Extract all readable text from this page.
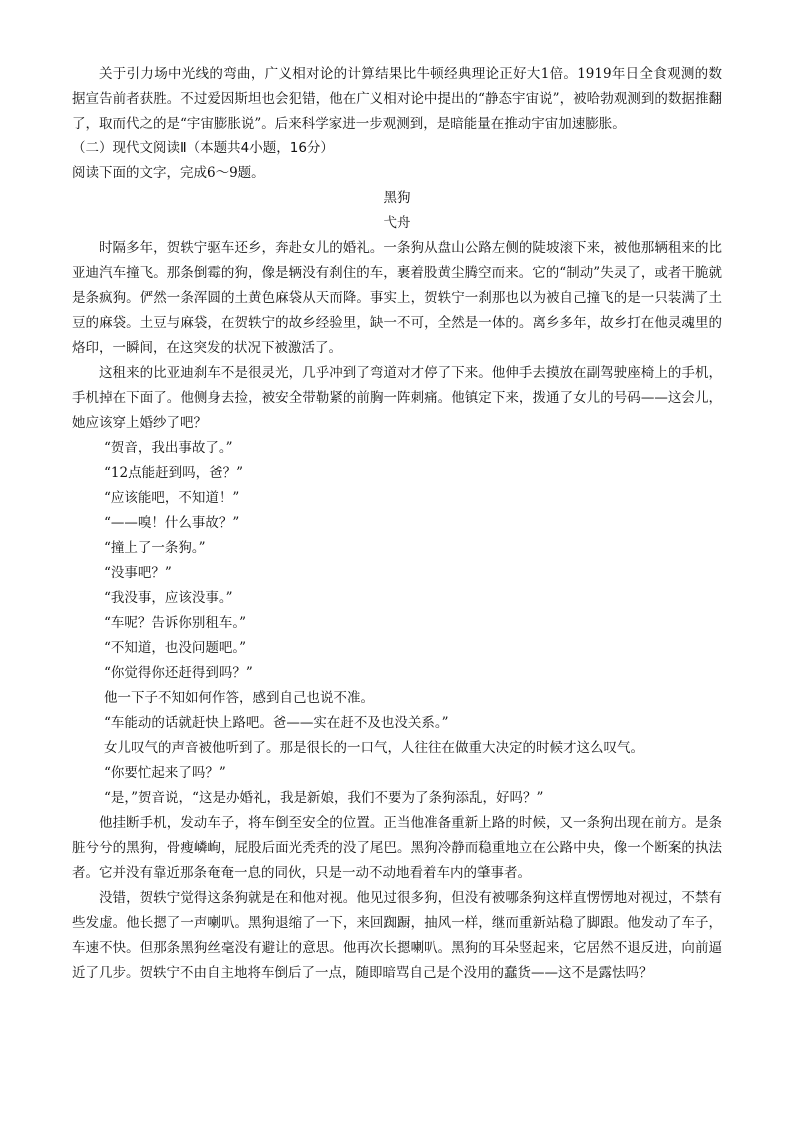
关于引力场中光线的弯曲，广义相对论的计算结果比牛顿经典理论正好大1倍。1919年日全食观测的数据宣告前者获胜。不过爱因斯坦也会犯错，他在广义相对论中提出的“静态宇宙说”，被哈勃观测到的数据推翻了，取而代之的是“宇宙膨胀说”。后来科学家进一步观测到，是暗能量在推动宇宙加速膨胀。
（二）现代文阅读Ⅱ（本题共4小题，16分）
阅读下面的文字，完成6～9题。
黑狗
弋舟
时隔多年，贺轶宁驱车还乡，奔赴女儿的婚礼。一条狗从盘山公路左侧的陡坡滚下来，被他那辆租来的比亚迪汽车撞飞。那条倒霉的狗，像是辆没有刹住的车，裹着股黄尘腾空而来。它的“制动”失灵了，或者干脆就是条疯狗。俨然一条浑圆的土黄色麻袋从天而降。事实上，贺轶宁一刹那也以为被自己撞飞的是一只装满了土豆的麻袋。土豆与麻袋，在贺轶宁的故乡经验里，缺一不可，全然是一体的。离乡多年，故乡打在他灵魂里的烙印，一瞬间，在这突发的状况下被激活了。
这租来的比亚迪刹车不是很灵光，几乎冲到了弯道对才停了下来。他伸手去摸放在副驾驶座椅上的手机，手机掉在下面了。他侧身去捡，被安全带勒紧的前胸一阵刺痛。他镇定下来，拨通了女儿的号码——这会儿，她应该穿上婚纱了吧？
“贺音，我出事故了。”
“12点能赶到吗，爸？”
“应该能吧，不知道！”
“——嗅！什么事故？”
“撞上了一条狗。”
“没事吧？”
“我没事，应该没事。”
“车呢？告诉你别租车。”
“不知道，也没问题吧。”
“你觉得你还赶得到吗？”
他一下子不知如何作答，感到自己也说不准。
“车能动的话就赶快上路吧。爸——实在赶不及也没关系。”
女儿叹气的声音被他听到了。那是很长的一口气，人往往在做重大决定的时候才这么叹气。
“你要忙起来了吗？”
“是，”贺音说，“这是办婚礼，我是新娘，我们不要为了条狗添乱，好吗？”
他挂断手机，发动车子，将车倒至安全的位置。正当他准备重新上路的时候，又一条狗出现在前方。是条脏兮兮的黑狗，骨瘦嶙峋，屁股后面光秃秃的没了尾巴。黑狗冷静而稳重地立在公路中央，像一个断案的执法者。它并没有靠近那条奄奄一息的同伙，只是一动不动地看着车内的肇事者。
没错，贺轶宁觉得这条狗就是在和他对视。他见过很多狗，但没有被哪条狗这样直愣愣地对视过，不禁有些发虚。他长摁了一声喇叭。黑狗退缩了一下，来回踟蹰，抽风一样，继而重新站稳了脚跟。他发动了车子，车速不快。但那条黑狗丝毫没有避让的意思。他再次长摁喇叭。黑狗的耳朵竖起来，它居然不退反进，向前逼近了几步。贺轶宁不由自主地将车倒后了一点，随即暗骂自己是个没用的蠢货——这不是露怯吗？
